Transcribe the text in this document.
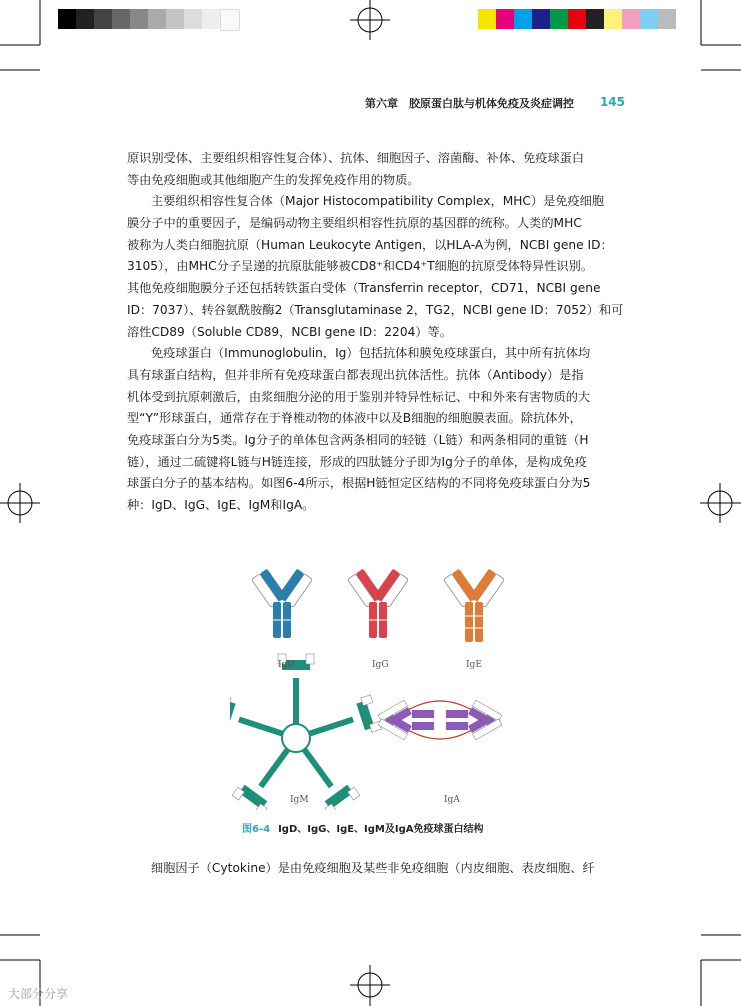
第六章　胶原蛋白肽与机体免疫及炎症调控 145
原识别受体、主要组织相容性复合体）、抗体、细胞因子、溶菌酶、补体、免疫球蛋白
等由免疫细胞或其他细胞产生的发挥免疫作用的物质。
主要组织相容性复合体（Major Histocompatibility Complex，MHC）是免疫细胞
膜分子中的重要因子，是编码动物主要组织相容性抗原的基因群的统称。人类的MHC
被称为人类白细胞抗原（Human Leukocyte Antigen，以HLA-A为例，NCBI gene ID：
3105），由MHC分子呈递的抗原肽能够被CD8⁺和CD4⁺T细胞的抗原受体特异性识别。
其他免疫细胞膜分子还包括转铁蛋白受体（Transferrin receptor，CD71，NCBI gene
ID：7037）、转谷氨酰胺酶2（Transglutaminase 2，TG2，NCBI gene ID：7052）和可
溶性CD89（Soluble CD89，NCBI gene ID：2204）等。
免疫球蛋白（Immunoglobulin，Ig）包括抗体和膜免疫球蛋白，其中所有抗体均
具有球蛋白结构，但并非所有免疫球蛋白都表现出抗体活性。抗体（Antibody）是指
机体受到抗原刺激后，由浆细胞分泌的用于鉴别并特异性标记、中和外来有害物质的大
型“Y”形球蛋白，通常存在于脊椎动物的体液中以及B细胞的细胞膜表面。除抗体外，
免疫球蛋白分为5类。Ig分子的单体包含两条相同的轻链（L链）和两条相同的重链（H
链），通过二硫键将L链与H链连接，形成的四肽链分子即为Ig分子的单体，是构成免疫
球蛋白分子的基本结构。如图6-4所示，根据H链恒定区结构的不同将免疫球蛋白分为5
种：IgD、IgG、IgE、IgM和IgA。
IgD	IgG	IgE
IgM	IgA
图6-4 IgD、IgG、IgE、IgM及IgA免疫球蛋白结构
细胞因子（Cytokine）是由免疫细胞及某些非免疫细胞（内皮细胞、表皮细胞、纤
大部分分享
